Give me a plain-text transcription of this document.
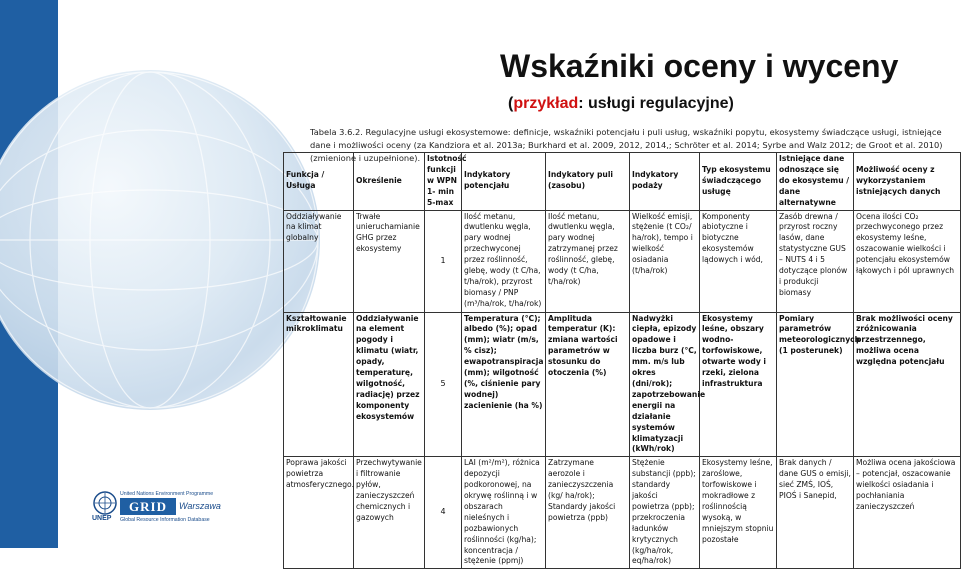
Wskaźniki oceny i wyceny
(przykład: usługi regulacyjne)
Tabela 3.6.2. Regulacyjne usługi ekosystemowe: definicje, wskaźniki potencjału i puli usług, wskaźniki popytu, ekosystemy świadczące usługi, istniejące dane i możliwości oceny (za Kandziora et al. 2013a; Burkhard et al. 2009, 2012, 2014,; Schröter et al. 2014; Syrbe and Walz 2012; de Groot et al. 2010) (zmienione i uzupełnione).
Funkcja / Usługa	Określenie	Istotność funkcji w WPN 1- min 5-max	Indykatory potencjału	Indykatory puli (zasobu)	Indykatory podaży	Typ ekosystemu świadczącego usługę	Istniejące dane odnoszące się do ekosystemu / dane alternatywne	Możliwość oceny z wykorzystaniem istniejących danych
Oddziaływanie na klimat globalny	Trwałe unieruchamianie GHG przez ekosystemy	1	Ilość metanu, dwutlenku węgla, pary wodnej przechwyconej przez roślinność, glebę, wody (t C/ha, t/ha/rok), przyrost biomasy / PNP (m³/ha/rok, t/ha/rok)	Ilość metanu, dwutlenku węgla, pary wodnej zatrzymanej przez roślinność, glebę, wody (t C/ha, t/ha/rok)	Wielkość emisji, stężenie (t CO₂/ ha/rok), tempo i wielkość osiadania (t/ha/rok)	Komponenty abiotyczne i biotyczne ekosystemów lądowych i wód,	Zasób drewna / przyrost roczny lasów, dane statystyczne GUS – NUTS 4 i 5 dotyczące plonów i produkcji biomasy	Ocena ilości CO₂ przechwyconego przez ekosystemy leśne, oszacowanie wielkości i potencjału ekosystemów łąkowych i pól uprawnych
Kształtowanie mikroklimatu	Oddziaływanie na element pogody i klimatu (wiatr, opady, temperaturę, wilgotność, radiację) przez komponenty ekosystemów	5	Temperatura (°C); albedo (%); opad (mm); wiatr (m/s, % cisz); ewapotranspiracja (mm); wilgotność (%, ciśnienie pary wodnej) zacienienie (ha %)	Amplituda temperatur (K): zmiana wartości parametrów w stosunku do otoczenia (%)	Nadwyżki ciepła, epizody opadowe i liczba burz (°C, mm. m/s lub okres (dni/rok); zapotrzebowanie energii na działanie systemów klimatyzacji (kWh/rok)	Ekosystemy leśne, obszary wodno-torfowiskowe, otwarte wody i rzeki, zielona infrastruktura	Pomiary parametrów meteorologicznych (1 posterunek)	Brak możliwości oceny zróżnicowania przestrzennego, możliwa ocena względna potencjału
Poprawa jakości powietrza atmosferycznego.	Przechwytywanie i filtrowanie pyłów, zanieczyszczeń chemicznych i gazowych	4	LAI (m²/m²), różnica depozycji podkoronowej, na okrywę roślinną i w obszarach nieleśnych i pozbawionych roślinności (kg/ha); koncentracja / stężenie (ppmj)	Zatrzymane aerozole i zanieczyszczenia (kg/ ha/rok); Standardy jakości powietrza (ppb)	Stężenie substancji (ppb); standardy jakości powietrza (ppb); przekroczenia ładunków krytycznych (kg/ha/rok, eq/ha/rok)	Ekosystemy leśne, zaroślowe, torfowiskowe i mokradłowe z roślinnością wysoką, w mniejszym stopniu pozostałe	Brak danych / dane GUS o emisji, sieć ZMŚ, IOŚ, PIOŚ i Sanepid,	Możliwa ocena jakościowa – potencjał, oszacowanie wielkości osiadania i pochłaniania zanieczyszczeń
UNEP
United Nations Environment Programme
GRID	Warszawa
Global Resource Information Database
